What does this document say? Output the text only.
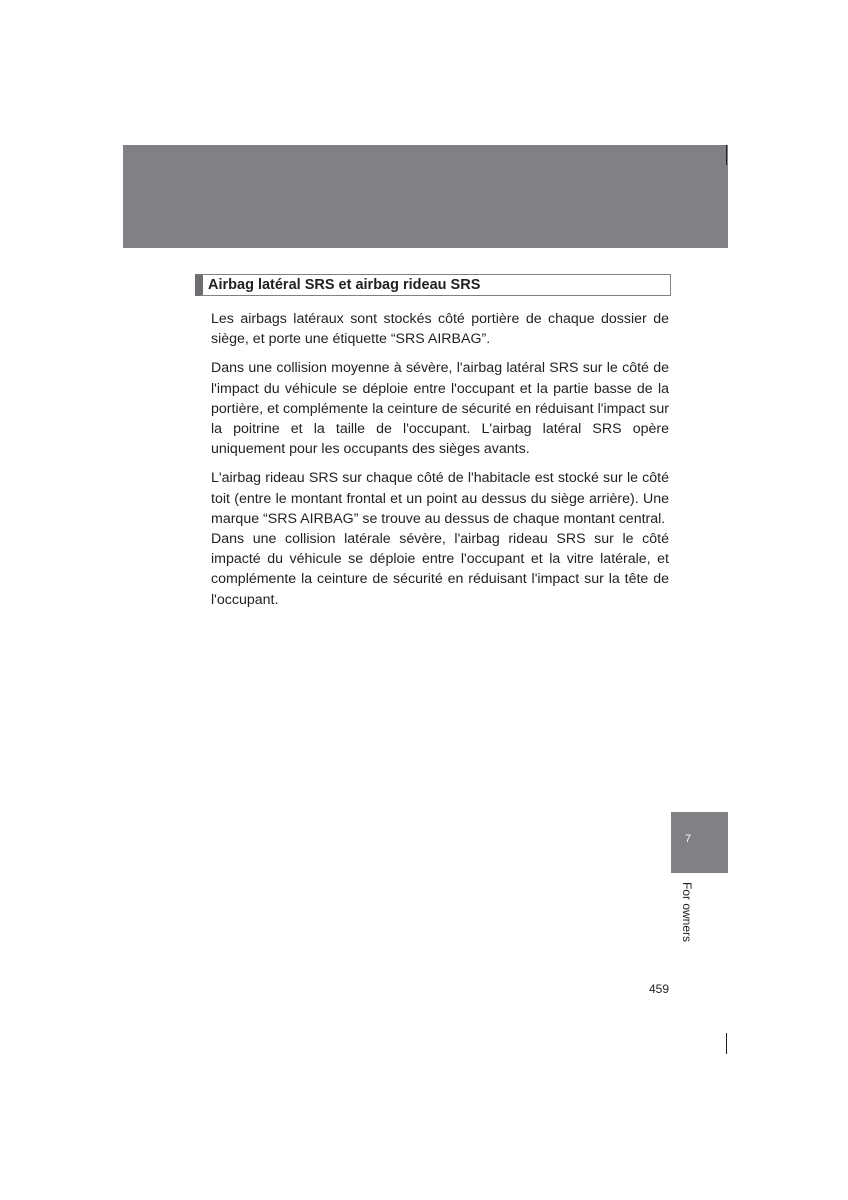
Airbag latéral SRS et airbag rideau SRS

Les airbags latéraux sont stockés côté portière de chaque dossier de siège, et porte une étiquette “SRS AIRBAG”.

Dans une collision moyenne à sévère, l'airbag latéral SRS sur le côté de l'impact du véhicule se déploie entre l'occupant et la partie basse de la portière, et complémente la ceinture de sécurité en réduisant l'impact sur la poitrine et la taille de l'occupant. L'airbag latéral SRS opère uniquement pour les occupants des sièges avants.

L'airbag rideau SRS sur chaque côté de l'habitacle est stocké sur le côté toit (entre le montant frontal et un point au dessus du siège arrière). Une marque “SRS AIRBAG” se trouve au dessus de chaque montant central.

Dans une collision latérale sévère, l'airbag rideau SRS sur le côté impacté du véhicule se déploie entre l'occupant et la vitre latérale, et complémente la ceinture de sécurité en réduisant l'impact sur la tête de l'occupant.

7
For owners
459
